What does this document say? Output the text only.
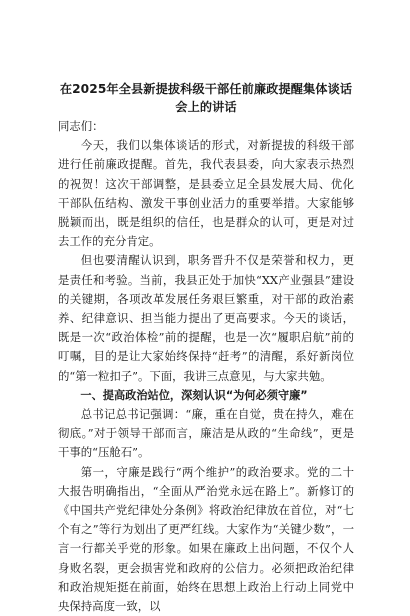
在2025年全县新提拔科级干部任前廉政提醒集体谈话会上的讲话

同志们：

今天，我们以集体谈话的形式，对新提拔的科级干部进行任前廉政提醒。首先，我代表县委，向大家表示热烈的祝贺！这次干部调整，是县委立足全县发展大局、优化干部队伍结构、激发干事创业活力的重要举措。大家能够脱颖而出，既是组织的信任，也是群众的认可，更是对过去工作的充分肯定。

但也要清醒认识到，职务晋升不仅是荣誉和权力，更是责任和考验。当前，我县正处于加快“XX产业强县”建设的关键期，各项改革发展任务艰巨繁重，对干部的政治素养、纪律意识、担当能力提出了更高要求。今天的谈话，既是一次“政治体检”前的提醒，也是一次“履职启航”前的叮嘱，目的是让大家始终保持“赶考”的清醒，系好新岗位的“第一粒扣子”。下面，我讲三点意见，与大家共勉。

一、提高政治站位，深刻认识“为何必须守廉”

总书记总书记强调：“廉，重在自觉，贵在持久，难在彻底。”对于领导干部而言，廉洁是从政的“生命线”，更是干事的“压舱石”。

第一，守廉是践行“两个维护”的政治要求。党的二十大报告明确指出，“全面从严治党永远在路上”。新修订的《中国共产党纪律处分条例》将政治纪律放在首位，对“七个有之”等行为划出了更严红线。大家作为“关键少数”，一言一行都关乎党的形象。如果在廉政上出问题，不仅个人身败名裂，更会损害党和政府的公信力。必须把政治纪律和政治规矩挺在前面，始终在思想上政治上行动上同党中央保持高度一致，以
